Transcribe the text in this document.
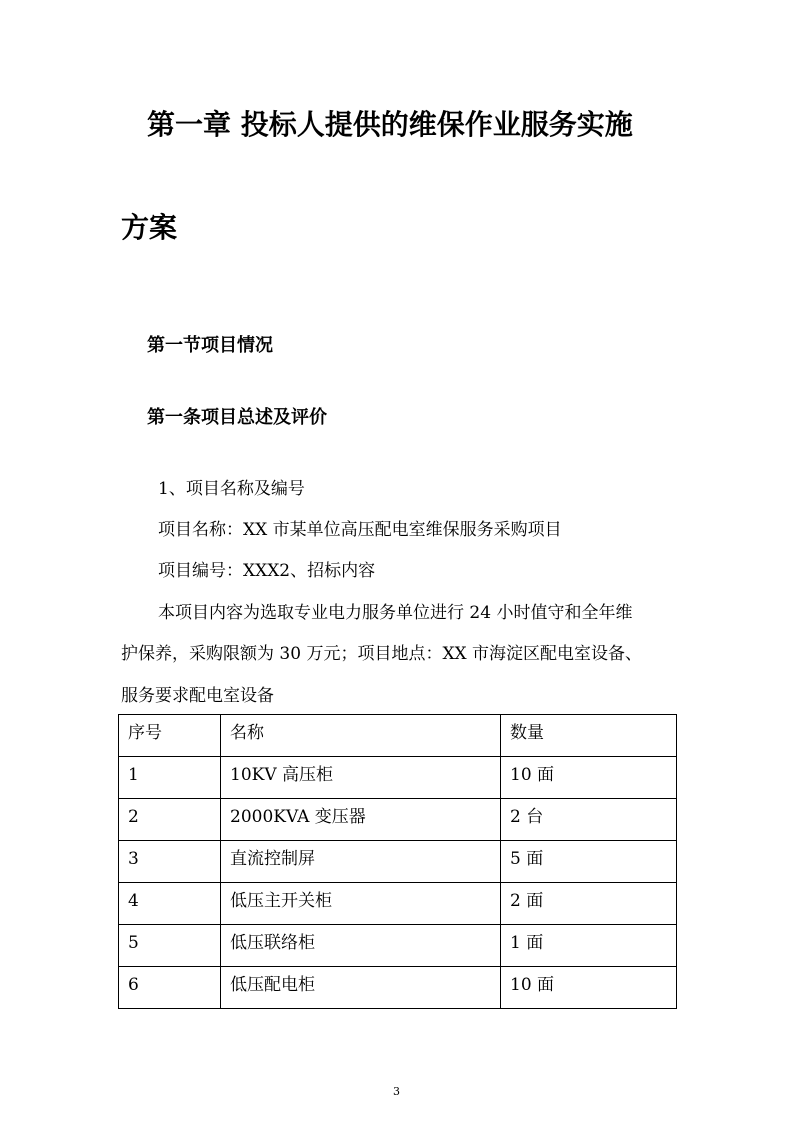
第一章 投标人提供的维保作业服务实施
方案
第一节项目情况
第一条项目总述及评价
1、项目名称及编号
项目名称：XX 市某单位高压配电室维保服务采购项目
项目编号：XXX2、招标内容
本项目内容为选取专业电力服务单位进行 24 小时值守和全年维
护保养，采购限额为 30 万元；项目地点：XX 市海淀区配电室设备、
服务要求配电室设备
序号	名称	数量
1	10KV 高压柜	10 面
2	2000KVA 变压器	2 台
3	直流控制屏	5 面
4	低压主开关柜	2 面
5	低压联络柜	1 面
6	低压配电柜	10 面
3
